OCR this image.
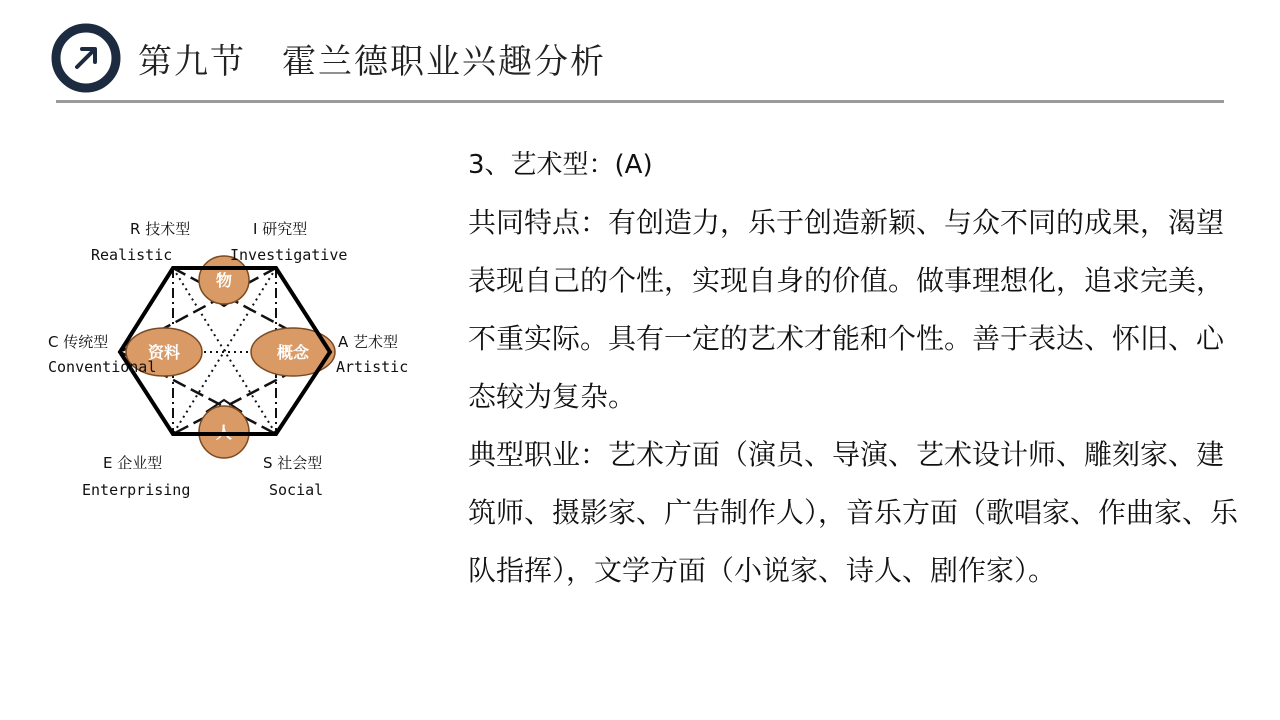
第九节　霍兰德职业兴趣分析
物
资料	概念
人
R 技术型
Realistic
I 研究型
Investigative
C 传统型
Conventional
A 艺术型
Artistic
E 企业型
Enterprising
S 社会型
Social

3、艺术型：(A)

共同特点：有创造力，乐于创造新颖、与众不同的成果，渴望表现自己的个性，实现自身的价值。做事理想化，追求完美，不重实际。具有一定的艺术才能和个性。善于表达、怀旧、心态较为复杂。

典型职业：艺术方面（演员、导演、艺术设计师、雕刻家、建筑师、摄影家、广告制作人），音乐方面（歌唱家、作曲家、乐队指挥），文学方面（小说家、诗人、剧作家）。
